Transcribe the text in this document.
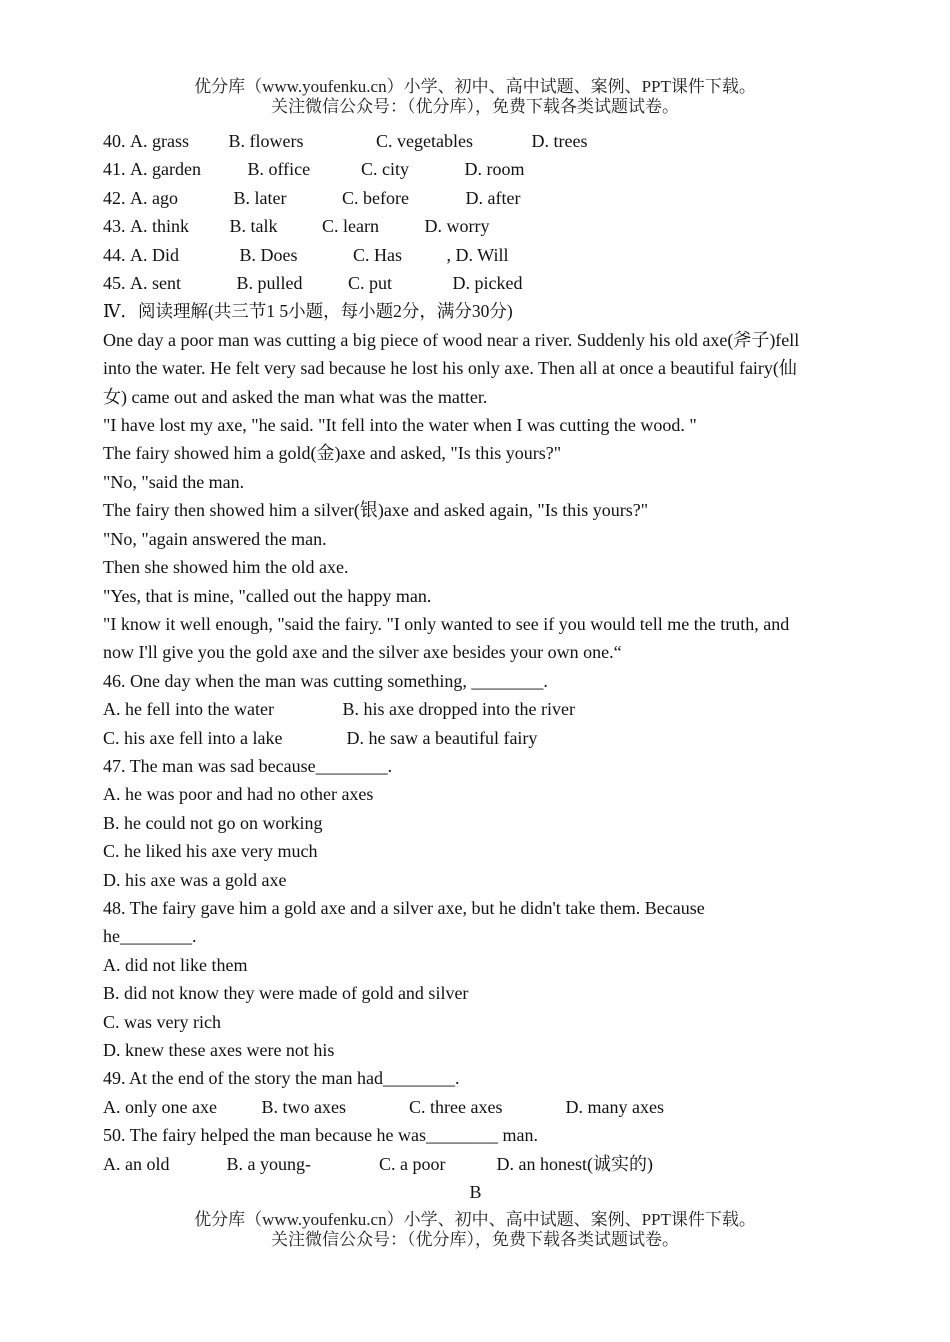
优分库（www.youfenku.cn）小学、初中、高中试题、案例、PPT课件下载。
关注微信公众号：（优分库），免费下载各类试题试卷。
40. A. grass B. flowers	C. vegetables	D. trees
41. A. garden	B. office	C. city	D. room
42. A. ago	B. later	C. before	D. after
43. A. think B. talk C. learn	D. worry
44. A. Did	B. Does	C. Has , D. Will
45. A. sent	B. pulled	C. put	D. picked
Ⅳ．阅读理解(共三节1 5小题，每小题2分，满分30分)
One day a poor man was cutting a big piece of wood near a river. Suddenly his old axe(斧子)fell
into the water. He felt very sad because he lost his only axe. Then all at once a beautiful fairy(仙
女) came out and asked the man what was the matter.
"I have lost my axe, "he said. "It fell into the water when I was cutting the wood. "
The fairy showed him a gold(金)axe and asked, "Is this yours?"
"No, "said the man.
The fairy then showed him a silver(银)axe and asked again, "Is this yours?"
"No, "again answered the man.
Then she showed him the old axe.
"Yes, that is mine, "called out the happy man.
"I know it well enough, "said the fairy. "I only wanted to see if you would tell me the truth, and
now I'll give you the gold axe and the silver axe besides your own one.“
46. One day when the man was cutting something, ________.
A. he fell into the water	B. his axe dropped into the river
C. his axe fell into a lake	D. he saw a beautiful fairy
47. The man was sad because________.
A. he was poor and had no other axes
B. he could not go on working
C. he liked his axe very much
D. his axe was a gold axe
48. The fairy gave him a gold axe and a silver axe, but he didn't take them. Because
he________.
A. did not like them
B. did not know they were made of gold and silver
C. was very rich
D. knew these axes were not his
49. At the end of the story the man had________.
A. only one axe B. two axes	C. three axes	D. many axes
50. The fairy helped the man because he was________ man.
A. an old	B. a young-	C. a poor	D. an honest(诚实的)
B
优分库（www.youfenku.cn）小学、初中、高中试题、案例、PPT课件下载。
关注微信公众号：（优分库），免费下载各类试题试卷。
